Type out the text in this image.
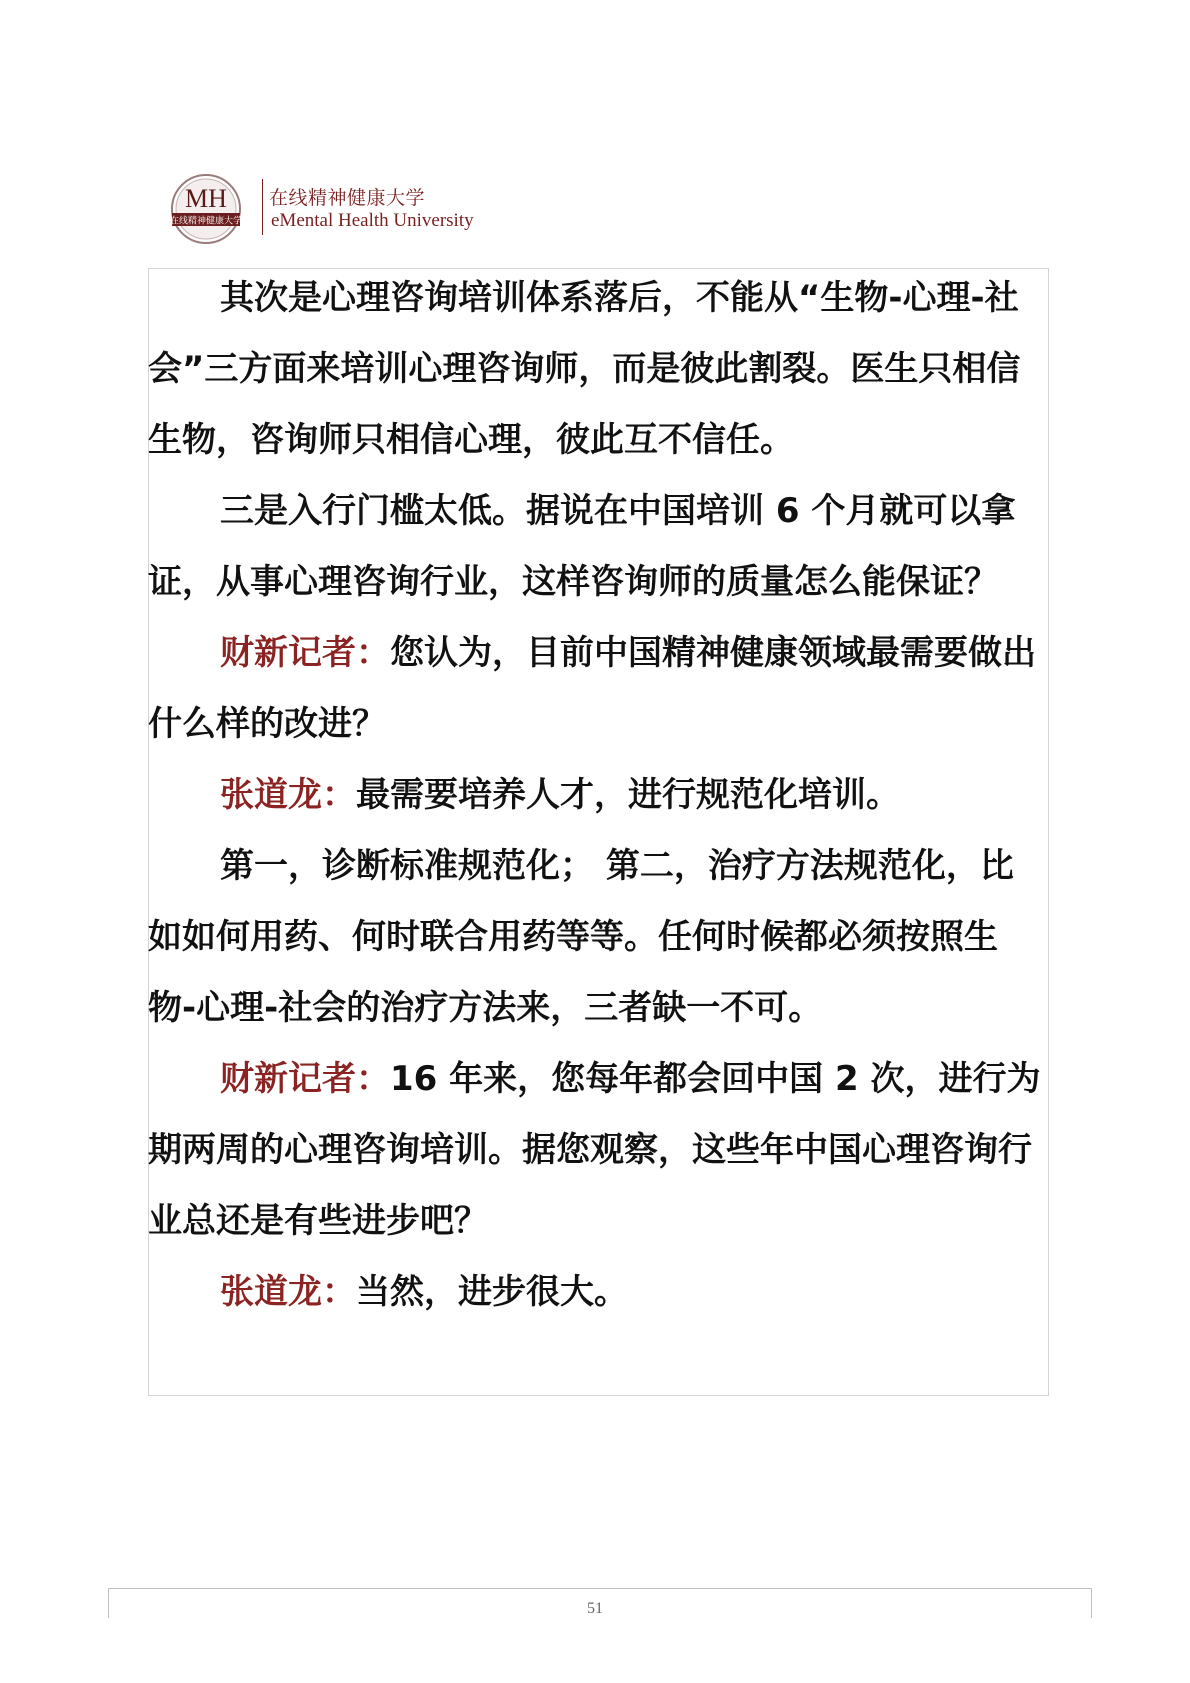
MH
在线精神健康大学
在线精神健康大学
eMental Health University

其次是心理咨询培训体系落后，不能从“生物-心理-社会”三方面来培训心理咨询师，而是彼此割裂。医生只相信生物，咨询师只相信心理，彼此互不信任。

三是入行门槛太低。据说在中国培训 6 个月就可以拿证，从事心理咨询行业，这样咨询师的质量怎么能保证？

财新记者：您认为，目前中国精神健康领域最需要做出什么样的改进？

张道龙：最需要培养人才，进行规范化培训。

第一，诊断标准规范化； 第二，治疗方法规范化，比如如何用药、何时联合用药等等。任何时候都必须按照生物-心理-社会的治疗方法来，三者缺一不可。

财新记者：16 年来，您每年都会回中国 2 次，进行为期两周的心理咨询培训。据您观察，这些年中国心理咨询行业总还是有些进步吧？

张道龙：当然，进步很大。

51
